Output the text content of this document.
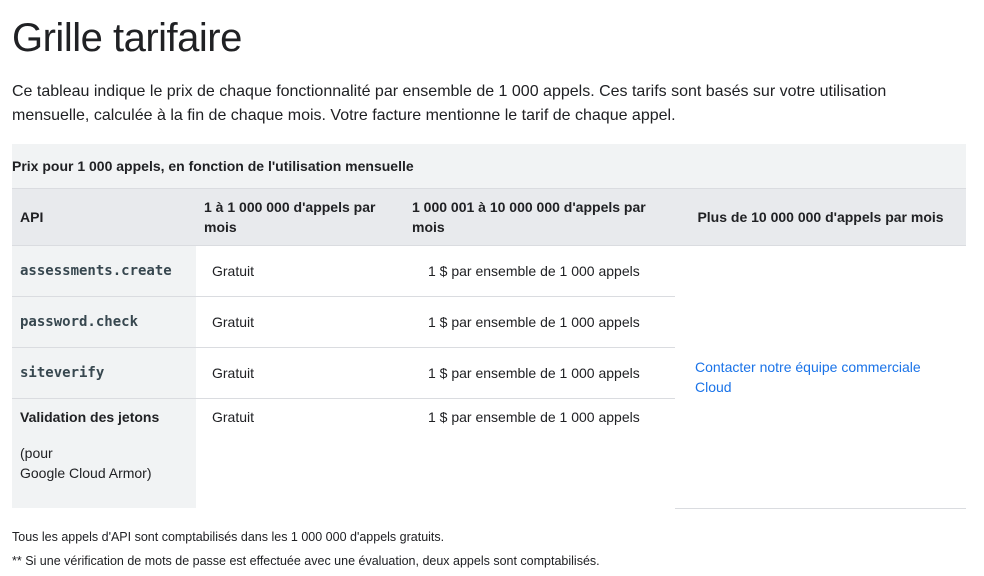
Grille tarifaire

Ce tableau indique le prix de chaque fonctionnalité par ensemble de 1 000 appels. Ces tarifs sont basés sur votre utilisation mensuelle, calculée à la fin de chaque mois. Votre facture mentionne le tarif de chaque appel.

Prix pour 1 000 appels, en fonction de l'utilisation mensuelle			
API	1 à 1 000 000 d'appels par mois	1 000 001 à 10 000 000 d'appels par mois	Plus de 10 000 000 d'appels par mois
assessments.create	Gratuit	1 $ par ensemble de 1 000 appels	Contacter notre équipe commerciale Cloud
password.check	Gratuit	1 $ par ensemble de 1 000 appels	
siteverify	Gratuit	1 $ par ensemble de 1 000 appels	

Validation des jetons
(pour
Google Cloud Armor)	Gratuit	1 $ par ensemble de 1 000 appels	
Tous les appels d'API sont comptabilisés dans les 1 000 000 d'appels gratuits.
** Si une vérification de mots de passe est effectuée avec une évaluation, deux appels sont comptabilisés.
